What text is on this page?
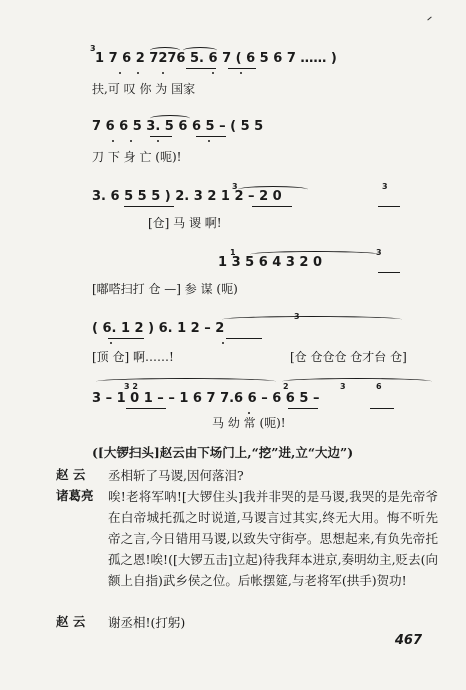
1 7 6 2 7276 5. 6 7 ( 6 5 6 7 …… )
3
扶,可 叹 你 为 国家
7 6 6 5 3. 5 6 6 5 – ( 5 5
刀 下 身 亡 (呃)!
3. 6 5 5 5 ) 2. 3 2 1 2 – 2 0
3	3
[仓] 马 谡 啊!
1 3 5 6 4 3 2 0
1	3
[嘟嗒扫打 仓 —] 参 谋 (呃)
( 6. 1 2 ) 6. 1 2 – 2
3
[顶 仓] 啊……!	[仓 仓仓仓 仓才台 仓]
3 – 1 0 1 – – 1 6 7 7.6 6 – 6 6 5 –
3 2	2	3	6
马 幼 常 (呃)!
([大锣扫头]赵云由下场门上,“挖”进,立“大边”)
赵 云 丞相斩了马谡,因何落泪?
诸葛亮 唉!老将军呐![大锣住头]我并非哭的是马谡,我哭的是先帝爷在白帝城托孤之时说道,马谡言过其实,终无大用。悔不听先帝之言,今日错用马谡,以致失守街亭。思想起来,有负先帝托孤之恩!唉!([大锣五击]立起)待我拜本进京,奏明幼主,贬去(向额上自指)武乡侯之位。后帐摆筵,与老将军(拱手)贺功!
赵 云 谢丞相!(打躬)
467
